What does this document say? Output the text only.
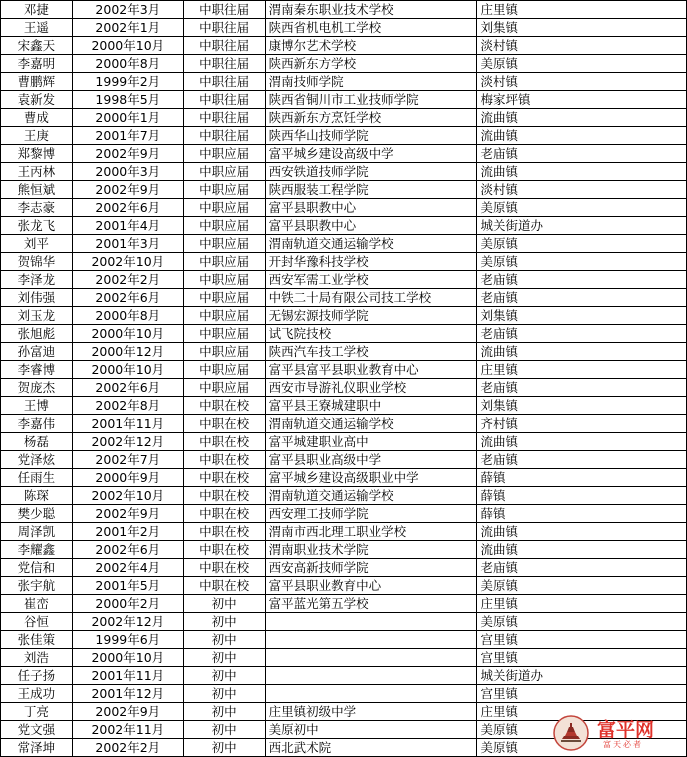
邓捷	2002年3月	中职往届	渭南秦东职业技术学校	庄里镇
王遥	2002年1月	中职往届	陕西省机电机工学校	刘集镇
宋鑫天	2000年10月	中职往届	康博尔艺术学校	淡村镇
李嘉明	2000年8月	中职往届	陕西新东方学校	美原镇
曹鹏辉	1999年2月	中职往届	渭南技师学院	淡村镇
袁新发	1998年5月	中职往届	陕西省铜川市工业技师学院	梅家坪镇
曹成	2000年1月	中职往届	陕西新东方烹饪学校	流曲镇
王庚	2001年7月	中职往届	陕西华山技师学院	流曲镇
郑黎博	2002年9月	中职应届	富平城乡建设高级中学	老庙镇
王丙林	2000年3月	中职应届	西安铁道技师学院	流曲镇
熊恒斌	2002年9月	中职应届	陕西服装工程学院	淡村镇
李志豪	2002年6月	中职应届	富平县职教中心	美原镇
张龙飞	2001年4月	中职应届	富平县职教中心	城关街道办
刘平	2001年3月	中职应届	渭南轨道交通运输学校	美原镇
贺锦华	2002年10月	中职应届	开封华豫科技学校	美原镇
李泽龙	2002年2月	中职应届	西安军需工业学校	老庙镇
刘伟强	2002年6月	中职应届	中铁二十局有限公司技工学校	老庙镇
刘玉龙	2000年8月	中职应届	无锡宏源技师学院	刘集镇
张旭彪	2000年10月	中职应届	试飞院技校	老庙镇
孙富迪	2000年12月	中职应届	陕西汽车技工学校	流曲镇
李睿博	2000年10月	中职应届	富平县富平县职业教育中心	庄里镇
贺庞杰	2002年6月	中职应届	西安市导游礼仪职业学校	老庙镇
王博	2002年8月	中职在校	富平县王寮城建职中	刘集镇
李嘉伟	2001年11月	中职在校	渭南轨道交通运输学校	齐村镇
杨磊	2002年12月	中职在校	富平城建职业高中	流曲镇
党泽炫	2002年7月	中职在校	富平县职业高级中学	老庙镇
任雨生	2000年9月	中职在校	富平城乡建设高级职业中学	薛镇
陈琛	2002年10月	中职在校	渭南轨道交通运输学校	薛镇
樊少聪	2002年9月	中职在校	西安理工技师学院	薛镇
周泽凯	2001年2月	中职在校	渭南市西北理工职业学校	流曲镇
李耀鑫	2002年6月	中职在校	渭南职业技术学院	流曲镇
党信和	2002年4月	中职在校	西安高新技师学院	老庙镇
张宇航	2001年5月	中职在校	富平县职业教育中心	美原镇
崔峦	2000年2月	初中	富平蓝光第五学校	庄里镇
谷恒	2002年12月	初中		美原镇
张佳策	1999年6月	初中		宫里镇
刘浩	2000年10月	初中		宫里镇
任子扬	2001年11月	初中		城关街道办
王成功	2001年12月	初中		宫里镇
丁亮	2002年9月	初中	庄里镇初级中学	庄里镇
党文强	2002年11月	初中	美原初中	美原镇
常泽坤	2002年2月	初中	西北武术院	美原镇
富平网
富天必者
